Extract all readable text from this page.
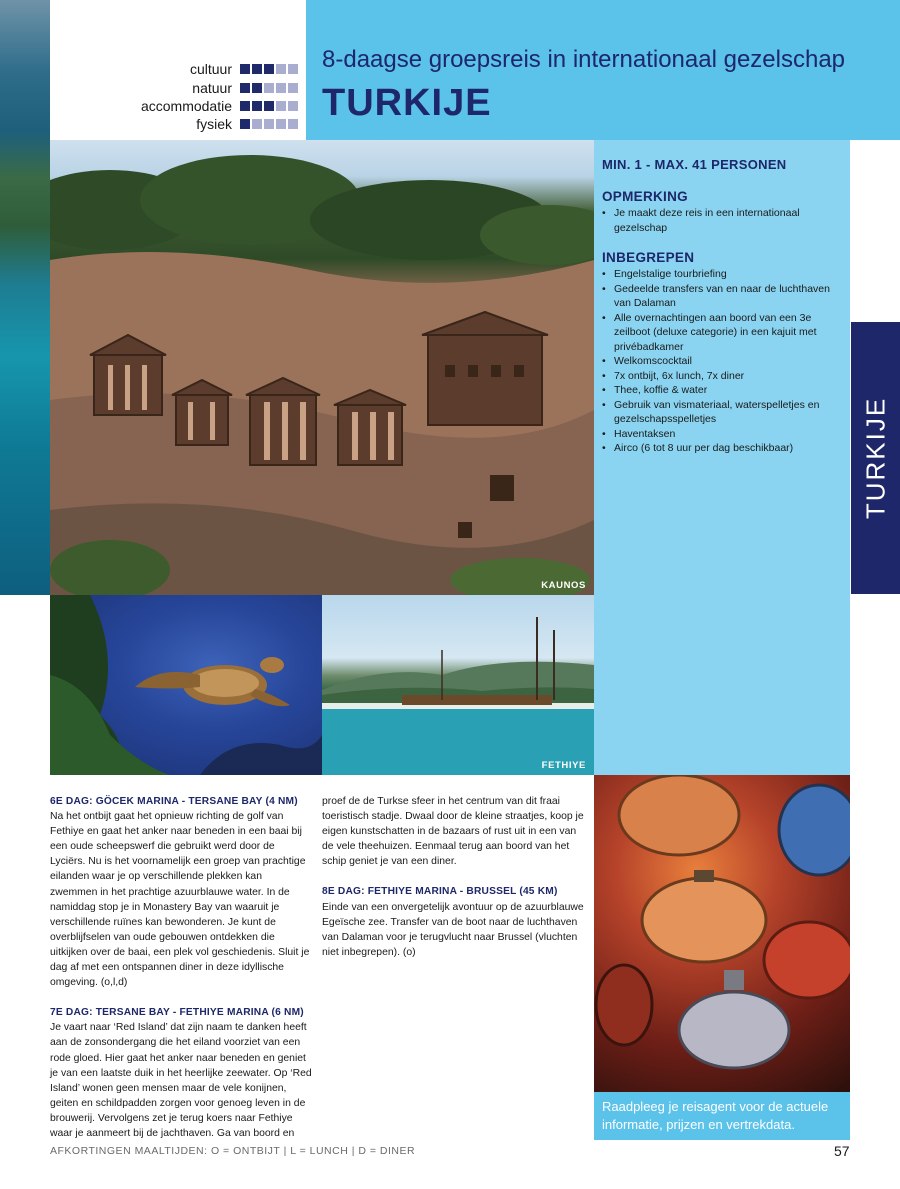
cultuur
natuur
accommodatie
fysiek
8-daagse groepsreis in internationaal gezelschap
TURKIJE
KAUNOS
MIN. 1 - MAX. 41 PERSONEN
OPMERKING
• Je maakt deze reis in een internationaal gezelschap
INBEGREPEN
• Engelstalige tourbriefing
• Gedeelde transfers van en naar de luchthaven van Dalaman
• Alle overnachtingen aan boord van een 3e zeilboot (deluxe categorie) in een kajuit met privébadkamer
• Welkomscocktail
• 7x ontbijt, 6x lunch, 7x diner
• Thee, koffie & water
• Gebruik van vismateriaal, waterspelletjes en gezelschapsspelletjes
• Haventaksen
• Airco (6 tot 8 uur per dag beschikbaar)	TURKIJE
FETHIYE
Raadpleeg je reisagent voor de actuele informatie, prijzen en vertrekdata.

6E DAG: GÖCEK MARINA - TERSANE BAY (4 NM)

Na het ontbijt gaat het opnieuw richting de golf van Fethiye en gaat het anker naar beneden in een baai bij een oude scheepswerf die gebruikt werd door de Lyciërs. Nu is het voornamelijk een groep van prachtige eilanden waar je op verschillende plekken kan zwemmen in het prachtige azuurblauwe water. In de namiddag stop je in Monastery Bay van waaruit je verschillende ruïnes kan bewonderen. Je kunt de overblijfselen van oude gebouwen ontdekken die uitkijken over de baai, een plek vol geschiedenis. Sluit je dag af met een ontspannen diner in deze idyllische omgeving. (o,l,d)

7E DAG: TERSANE BAY - FETHIYE MARINA (6 NM)

Je vaart naar ‘Red Island’ dat zijn naam te danken heeft aan de zonsondergang die het eiland voorziet van een rode gloed. Hier gaat het anker naar beneden en geniet je van een laatste duik in het heerlijke zeewater. Op ‘Red Island’ wonen geen mensen maar de vele konijnen, geiten en schildpadden zorgen voor genoeg leven in de brouwerij. Vervolgens zet je terug koers naar Fethiye waar je aanmeert bij de jachthaven. Ga van boord en

proef de de Turkse sfeer in het centrum van dit fraai toeristisch stadje. Dwaal door de kleine straatjes, koop je eigen kunstschatten in de bazaars of rust uit in een van de vele theehuizen. Eenmaal terug aan boord van het schip geniet je van een diner.

8E DAG: FETHIYE MARINA - BRUSSEL (45 KM)

Einde van een onvergetelijk avontuur op de azuurblauwe Egeïsche zee. Transfer van de boot naar de luchthaven van Dalaman voor je terugvlucht naar Brussel (vluchten niet inbegrepen). (o)

AFKORTINGEN MAALTIJDEN: O = ONTBIJT | L = LUNCH | D = DINER	57
